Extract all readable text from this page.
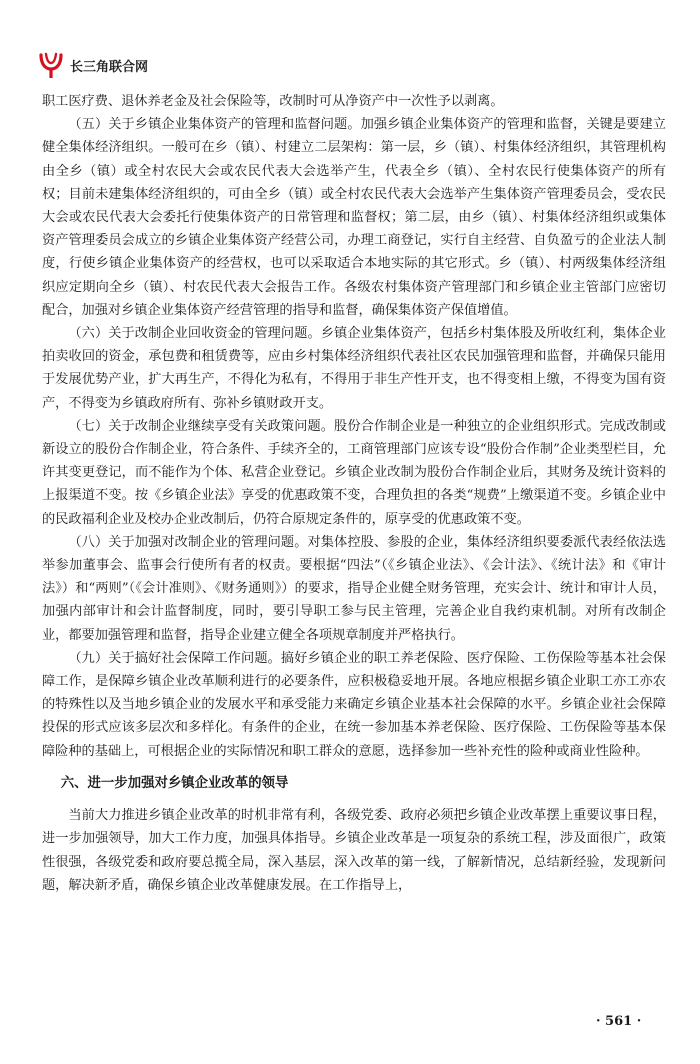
长三角联合网

职工医疗费、退休养老金及社会保险等，改制时可从净资产中一次性予以剥离。

（五）关于乡镇企业集体资产的管理和监督问题。加强乡镇企业集体资产的管理和监督，关键是要建立健全集体经济组织。一般可在乡（镇）、村建立二层架构：第一层，乡（镇）、村集体经济组织，其管理机构由全乡（镇）或全村农民大会或农民代表大会选举产生，代表全乡（镇）、全村农民行使集体资产的所有权；目前未建集体经济组织的，可由全乡（镇）或全村农民代表大会选举产生集体资产管理委员会，受农民大会或农民代表大会委托行使集体资产的日常管理和监督权；第二层，由乡（镇）、村集体经济组织或集体资产管理委员会成立的乡镇企业集体资产经营公司，办理工商登记，实行自主经营、自负盈亏的企业法人制度，行使乡镇企业集体资产的经营权，也可以采取适合本地实际的其它形式。乡（镇）、村两级集体经济组织应定期向全乡（镇）、村农民代表大会报告工作。各级农村集体资产管理部门和乡镇企业主管部门应密切配合，加强对乡镇企业集体资产经营管理的指导和监督，确保集体资产保值增值。

（六）关于改制企业回收资金的管理问题。乡镇企业集体资产，包括乡村集体股及所收红利，集体企业拍卖收回的资金，承包费和租赁费等，应由乡村集体经济组织代表社区农民加强管理和监督，并确保只能用于发展优势产业，扩大再生产，不得化为私有，不得用于非生产性开支，也不得变相上缴，不得变为国有资产，不得变为乡镇政府所有、弥补乡镇财政开支。

（七）关于改制企业继续享受有关政策问题。股份合作制企业是一种独立的企业组织形式。完成改制或新设立的股份合作制企业，符合条件、手续齐全的，工商管理部门应该专设“股份合作制”企业类型栏目，允许其变更登记，而不能作为个体、私营企业登记。乡镇企业改制为股份合作制企业后，其财务及统计资料的上报渠道不变。按《乡镇企业法》享受的优惠政策不变，合理负担的各类“规费”上缴渠道不变。乡镇企业中的民政福利企业及校办企业改制后，仍符合原规定条件的，原享受的优惠政策不变。

（八）关于加强对改制企业的管理问题。对集体控股、参股的企业，集体经济组织要委派代表经依法选举参加董事会、监事会行使所有者的权责。要根据“四法”（《乡镇企业法》、《会计法》、《统计法》和《审计法》）和“两则”（《会计准则》、《财务通则》）的要求，指导企业健全财务管理，充实会计、统计和审计人员，加强内部审计和会计监督制度，同时，要引导职工参与民主管理，完善企业自我约束机制。对所有改制企业，都要加强管理和监督，指导企业建立健全各项规章制度并严格执行。

（九）关于搞好社会保障工作问题。搞好乡镇企业的职工养老保险、医疗保险、工伤保险等基本社会保障工作，是保障乡镇企业改革顺利进行的必要条件，应积极稳妥地开展。各地应根据乡镇企业职工亦工亦农的特殊性以及当地乡镇企业的发展水平和承受能力来确定乡镇企业基本社会保障的水平。乡镇企业社会保障投保的形式应该多层次和多样化。有条件的企业，在统一参加基本养老保险、医疗保险、工伤保险等基本保障险种的基础上，可根据企业的实际情况和职工群众的意愿，选择参加一些补充性的险种或商业性险种。

六、进一步加强对乡镇企业改革的领导

当前大力推进乡镇企业改革的时机非常有利，各级党委、政府必须把乡镇企业改革摆上重要议事日程，进一步加强领导，加大工作力度，加强具体指导。乡镇企业改革是一项复杂的系统工程，涉及面很广，政策性很强，各级党委和政府要总揽全局，深入基层，深入改革的第一线，了解新情况，总结新经验，发现新问题，解决新矛盾，确保乡镇企业改革健康发展。在工作指导上，

· 561 ·
